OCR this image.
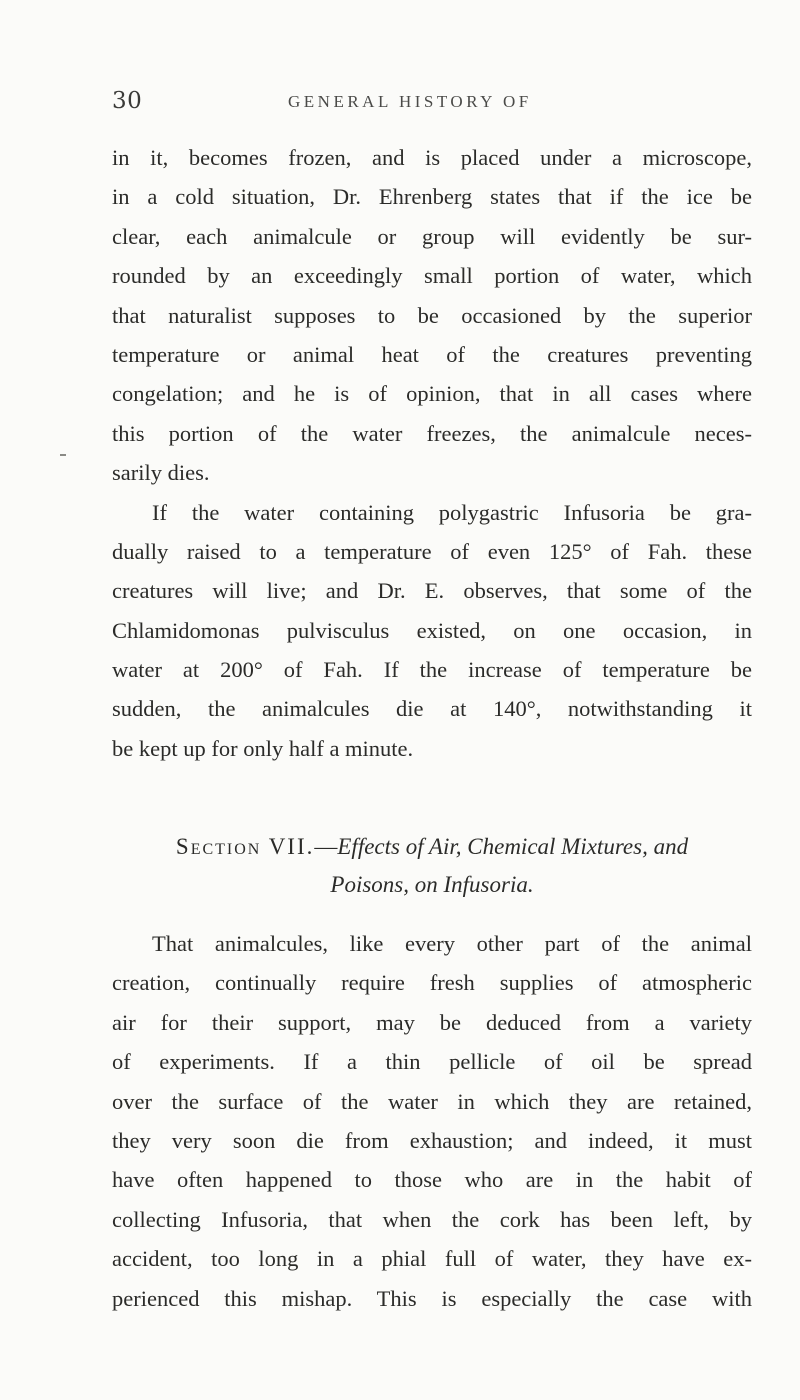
30	GENERAL HISTORY OF
in it, becomes frozen, and is placed under a microscope,
in a cold situation, Dr. Ehrenberg states that if the ice be
clear, each animalcule or group will evidently be sur-
rounded by an exceedingly small portion of water, which
that naturalist supposes to be occasioned by the superior
temperature or animal heat of the creatures preventing
congelation; and he is of opinion, that in all cases where
this portion of the water freezes, the animalcule neces-
sarily dies.
If the water containing polygastric Infusoria be gra-
dually raised to a temperature of even 125° of Fah. these
creatures will live; and Dr. E. observes, that some of the
Chlamidomonas pulvisculus existed, on one occasion, in
water at 200° of Fah. If the increase of temperature be
sudden, the animalcules die at 140°, notwithstanding it
be kept up for only half a minute.
Section VII.—Effects of Air, Chemical Mixtures, and
Poisons, on Infusoria.
That animalcules, like every other part of the animal
creation, continually require fresh supplies of atmospheric
air for their support, may be deduced from a variety
of experiments. If a thin pellicle of oil be spread
over the surface of the water in which they are retained,
they very soon die from exhaustion; and indeed, it must
have often happened to those who are in the habit of
collecting Infusoria, that when the cork has been left, by
accident, too long in a phial full of water, they have ex-
perienced this mishap. This is especially the case with
